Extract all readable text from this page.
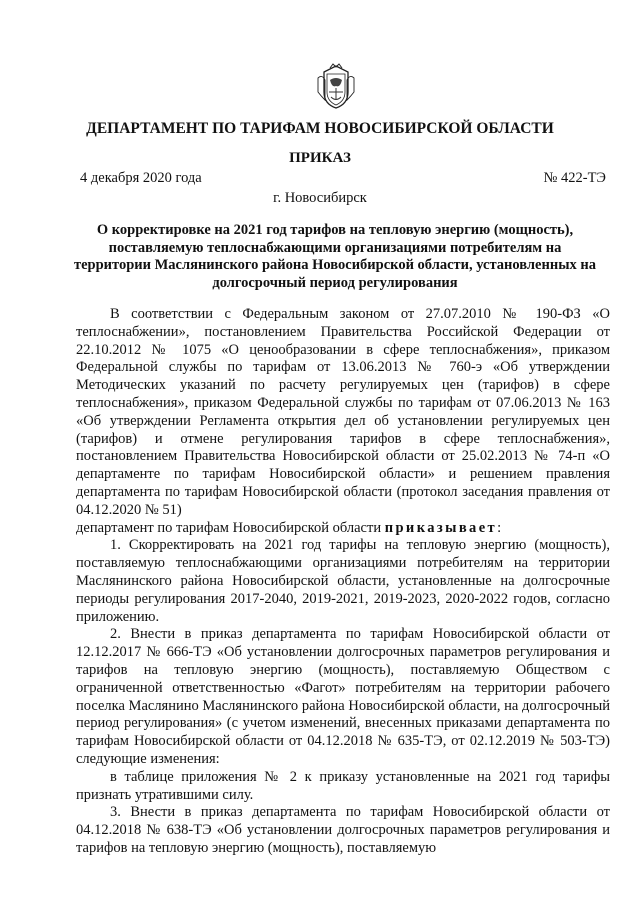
ДЕПАРТАМЕНТ ПО ТАРИФАМ НОВОСИБИРСКОЙ ОБЛАСТИ
ПРИКАЗ
4 декабря 2020 года	№ 422-ТЭ
г. Новосибирск
О корректировке на 2021 год тарифов на тепловую энергию (мощность), поставляемую теплоснабжающими организациями потребителям на территории Маслянинского района Новосибирской области, установленных на долгосрочный период регулирования

В соответствии с Федеральным законом от 27.07.2010 № 190-ФЗ «О теплоснабжении», постановлением Правительства Российской Федерации от 22.10.2012 № 1075 «О ценообразовании в сфере теплоснабжения», приказом Федеральной службы по тарифам от 13.06.2013 № 760-э «Об утверждении Методических указаний по расчету регулируемых цен (тарифов) в сфере теплоснабжения», приказом Федеральной службы по тарифам от 07.06.2013 № 163 «Об утверждении Регламента открытия дел об установлении регулируемых цен (тарифов) и отмене регулирования тарифов в сфере теплоснабжения», постановлением Правительства Новосибирской области от 25.02.2013 № 74-п «О департаменте по тарифам Новосибирской области» и решением правления департамента по тарифам Новосибирской области (протокол заседания правления от 04.12.2020 № 51)

департамент по тарифам Новосибирской области приказывает:

1. Скорректировать на 2021 год тарифы на тепловую энергию (мощность), поставляемую теплоснабжающими организациями потребителям на территории Маслянинского района Новосибирской области, установленные на долгосрочные периоды регулирования 2017-2040, 2019-2021, 2019-2023, 2020-2022 годов, согласно приложению.

2. Внести в приказ департамента по тарифам Новосибирской области от 12.12.2017 № 666-ТЭ «Об установлении долгосрочных параметров регулирования и тарифов на тепловую энергию (мощность), поставляемую Обществом с ограниченной ответственностью «Фагот» потребителям на территории рабочего поселка Маслянино Маслянинского района Новосибирской области, на долгосрочный период регулирования» (с учетом изменений, внесенных приказами департамента по тарифам Новосибирской области от 04.12.2018 № 635-ТЭ, от 02.12.2019 № 503-ТЭ) следующие изменения:

в таблице приложения № 2 к приказу установленные на 2021 год тарифы признать утратившими силу.

3. Внести в приказ департамента по тарифам Новосибирской области от 04.12.2018 № 638-ТЭ «Об установлении долгосрочных параметров регулирования и тарифов на тепловую энергию (мощность), поставляемую
